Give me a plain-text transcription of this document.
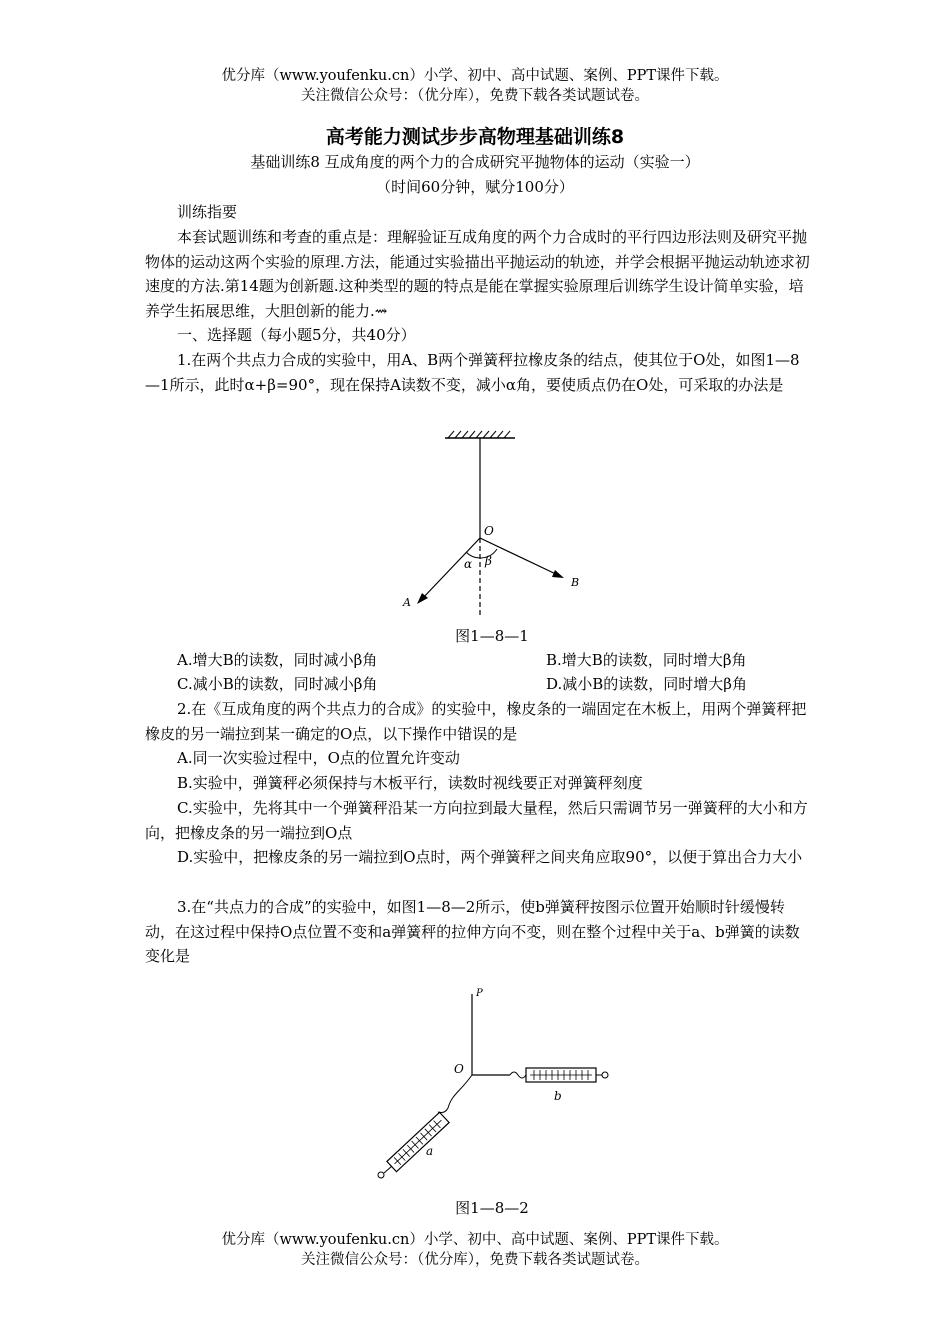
优分库（www.youfenku.cn）小学、初中、高中试题、案例、PPT课件下载。
关注微信公众号：（优分库），免费下载各类试题试卷。
高考能力测试步步高物理基础训练8
基础训练8 互成角度的两个力的合成研究平抛物体的运动（实验一）
（时间60分钟，赋分100分）
训练指要
本套试题训练和考查的重点是：理解验证互成角度的两个力合成时的平行四边形法则及研究平抛物体的运动这两个实验的原理.方法，能通过实验描出平抛运动的轨迹，并学会根据平抛运动轨迹求初速度的方法.第14题为创新题.这种类型的题的特点是能在掌握实验原理后训练学生设计简单实验，培养学生拓展思维，大胆创新的能力.⇝
一、选择题（每小题5分，共40分）
1.在两个共点力合成的实验中，用A、B两个弹簧秤拉橡皮条的结点，使其位于O处，如图1—8—1所示，此时α+β=90°，现在保持A读数不变，减小α角，要使质点仍在O处，可采取的办法是
O
α β
A
B
图1—8—1
A.增大B的读数，同时减小β角	B.增大B的读数，同时增大β角
C.减小B的读数，同时减小β角	D.减小B的读数，同时增大β角
2.在《互成角度的两个共点力的合成》的实验中，橡皮条的一端固定在木板上，用两个弹簧秤把橡皮的另一端拉到某一确定的O点，以下操作中错误的是
A.同一次实验过程中，O点的位置允许变动
B.实验中，弹簧秤必须保持与木板平行，读数时视线要正对弹簧秤刻度
C.实验中，先将其中一个弹簧秤沿某一方向拉到最大量程，然后只需调节另一弹簧秤的大小和方向，把橡皮条的另一端拉到O点
D.实验中，把橡皮条的另一端拉到O点时，两个弹簧秤之间夹角应取90°，以便于算出合力大小
3.在“共点力的合成”的实验中，如图1—8—2所示，使b弹簧秤按图示位置开始顺时针缓慢转动，在这过程中保持O点位置不变和a弹簧秤的拉伸方向不变，则在整个过程中关于a、b弹簧的读数变化是
P
O
b
a
图1—8—2
优分库（www.youfenku.cn）小学、初中、高中试题、案例、PPT课件下载。
关注微信公众号：（优分库），免费下载各类试题试卷。
